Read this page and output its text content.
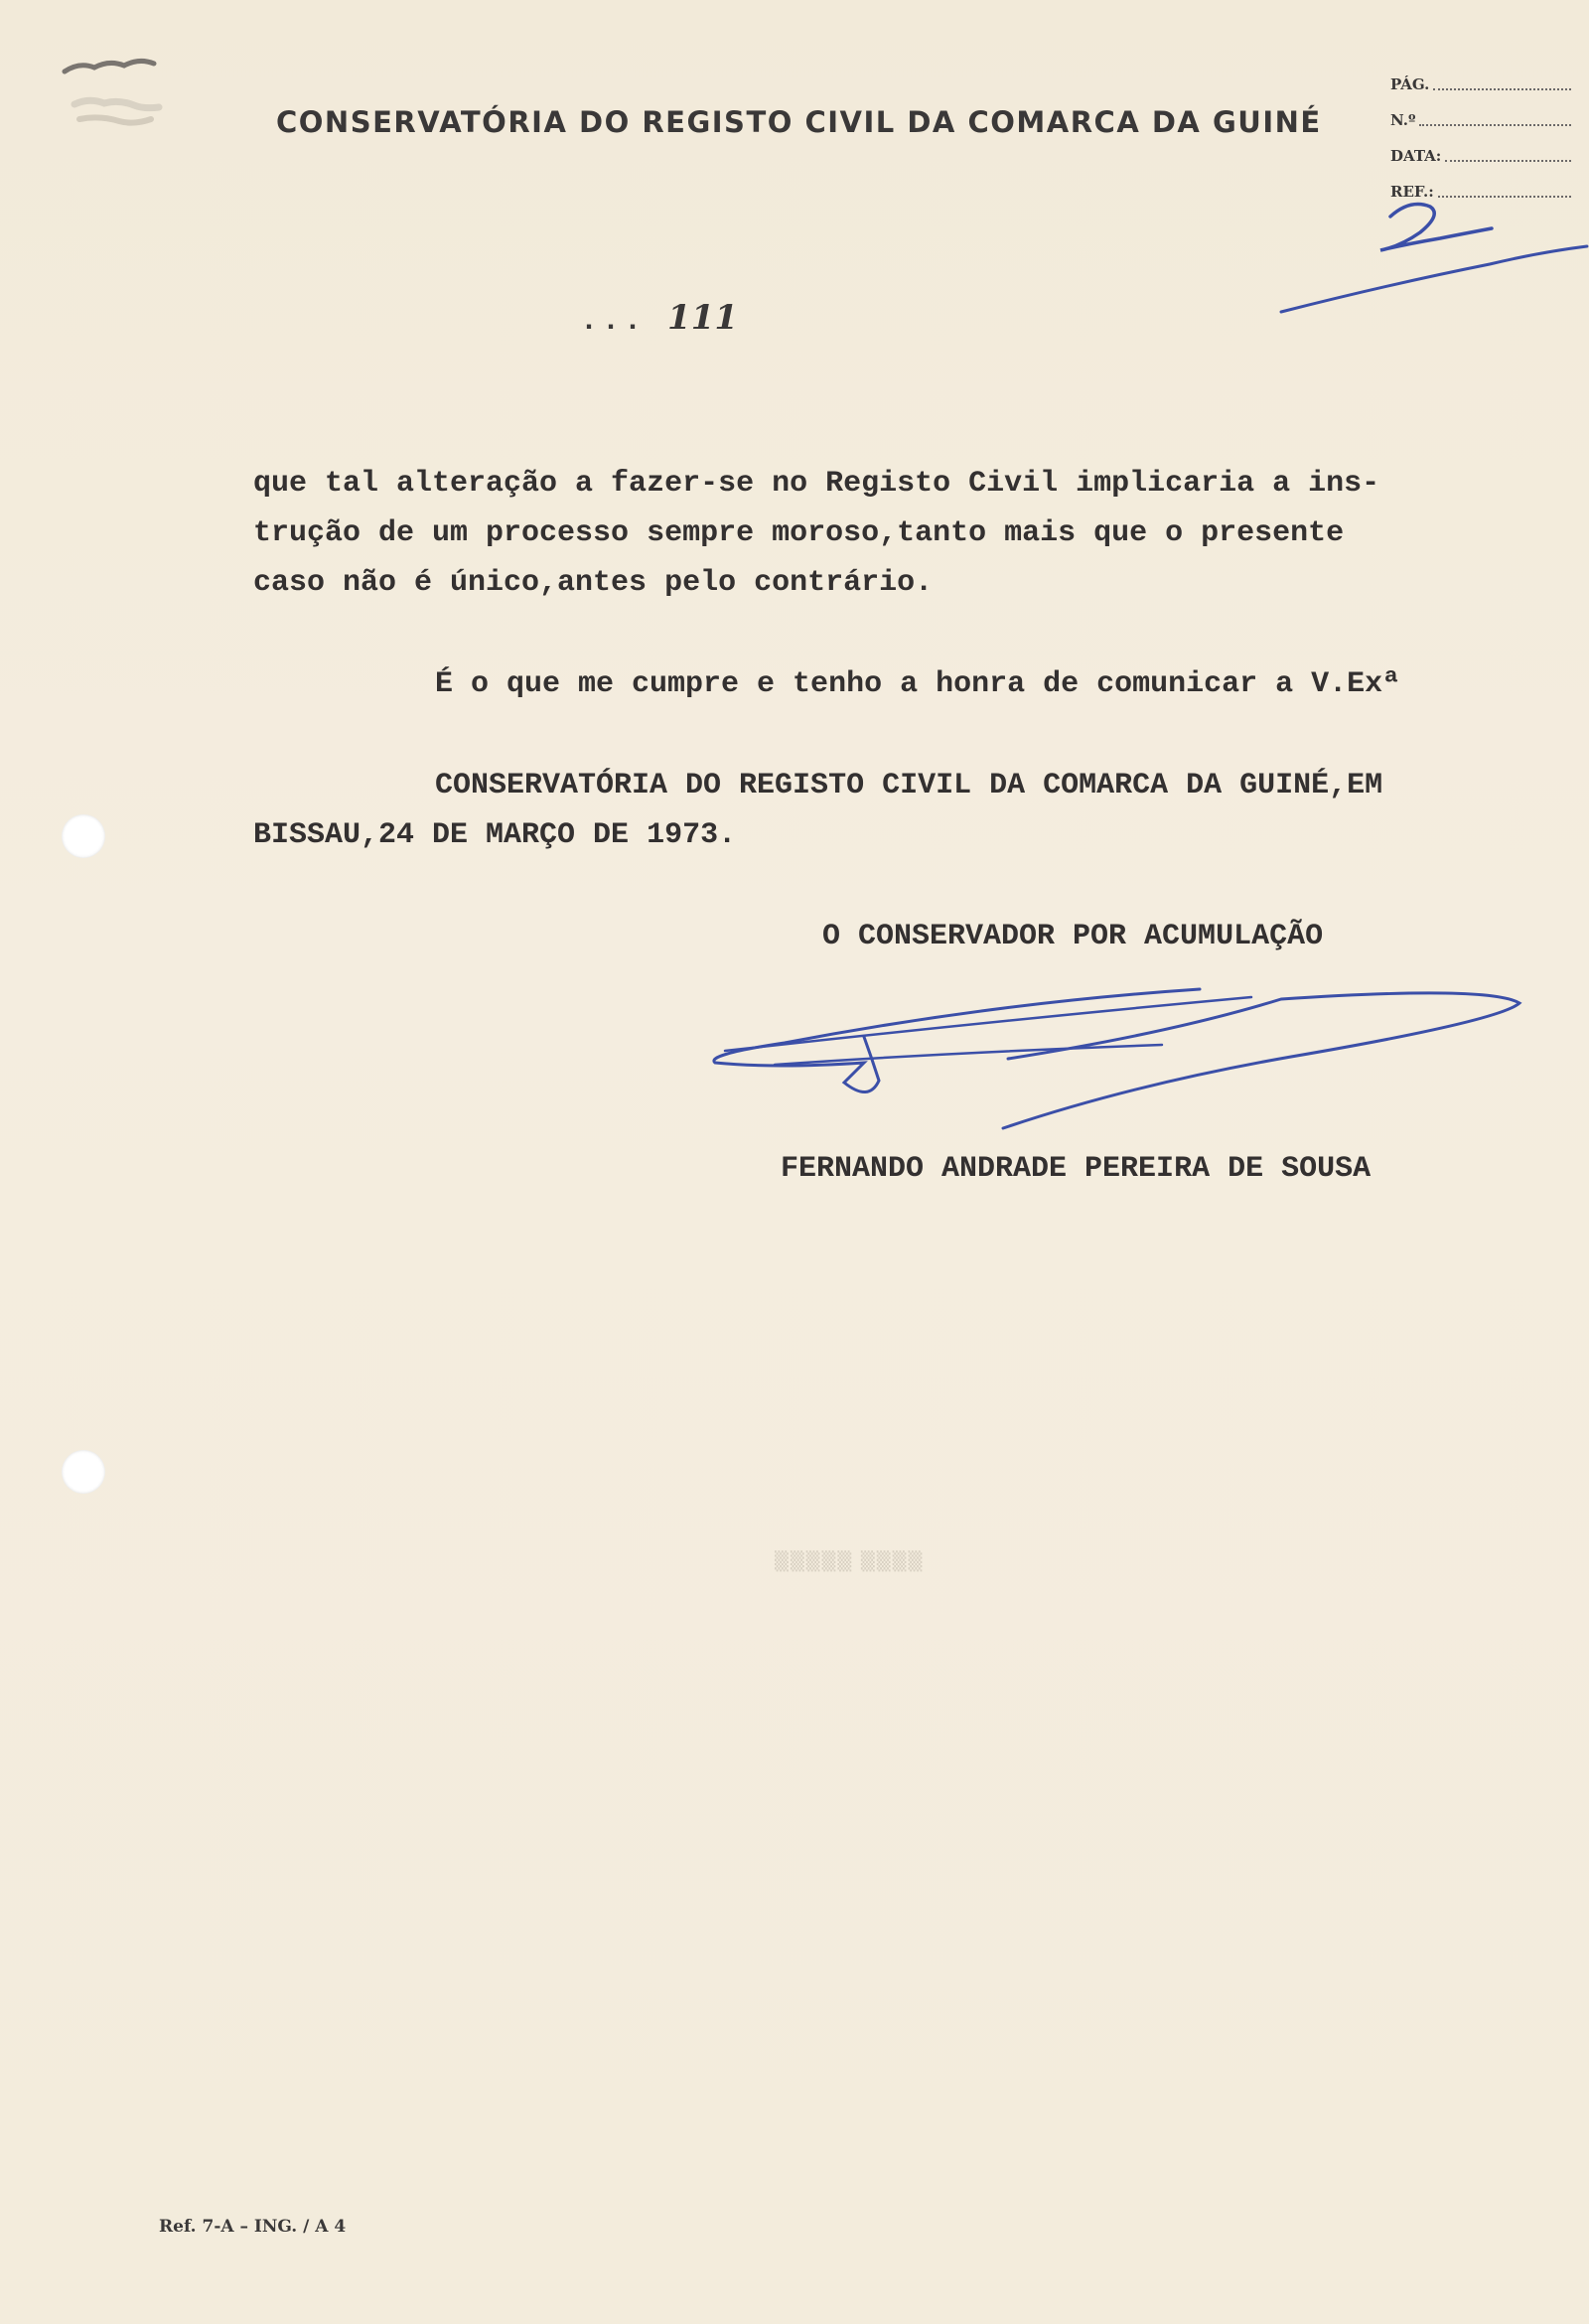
CONSERVATÓRIA DO REGISTO CIVIL DA COMARCA DA GUINÉ
PÁG.
N.º
DATA:
REF.:
... 111
que tal alteração a fazer-se no Registo Civil implicaria a ins-
trução de um processo sempre moroso,tanto mais que o presente
caso não é único,antes pelo contrário.
É o que me cumpre e tenho a honra de comunicar a V.Exª
CONSERVATÓRIA DO REGISTO CIVIL DA COMARCA DA GUINÉ,EM
BISSAU,24 DE MARÇO DE 1973.
O CONSERVADOR POR ACUMULAÇÃO
FERNANDO ANDRADE PEREIRA DE SOUSA
▒▒▒▒▒ ▒▒▒▒
Ref. 7-A – ING. / A 4
